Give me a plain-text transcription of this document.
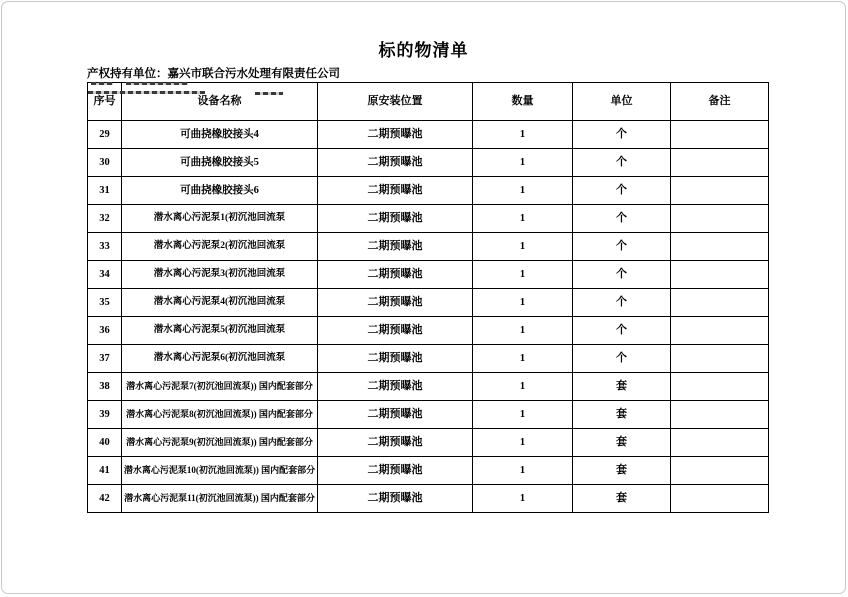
标的物清单
产权持有单位：嘉兴市联合污水处理有限责任公司
序号	设备名称	原安装位置	数量	单位	备注
29	可曲挠橡胶接头4	二期预曝池	1	个	
30	可曲挠橡胶接头5	二期预曝池	1	个	
31	可曲挠橡胶接头6	二期预曝池	1	个	
32	潜水离心污泥泵1(初沉池回流泵	二期预曝池	1	个	
33	潜水离心污泥泵2(初沉池回流泵	二期预曝池	1	个	
34	潜水离心污泥泵3(初沉池回流泵	二期预曝池	1	个	
35	潜水离心污泥泵4(初沉池回流泵	二期预曝池	1	个	
36	潜水离心污泥泵5(初沉池回流泵	二期预曝池	1	个	
37	潜水离心污泥泵6(初沉池回流泵	二期预曝池	1	个	
38	潜水离心污泥泵7(初沉池回流泵)) 国内配套部分	二期预曝池	1	套	
39	潜水离心污泥泵8(初沉池回流泵)) 国内配套部分	二期预曝池	1	套	
40	潜水离心污泥泵9(初沉池回流泵)) 国内配套部分	二期预曝池	1	套	
41	潜水离心污泥泵10(初沉池回流泵)) 国内配套部分	二期预曝池	1	套	
42	潜水离心污泥泵11(初沉池回流泵)) 国内配套部分	二期预曝池	1	套	
